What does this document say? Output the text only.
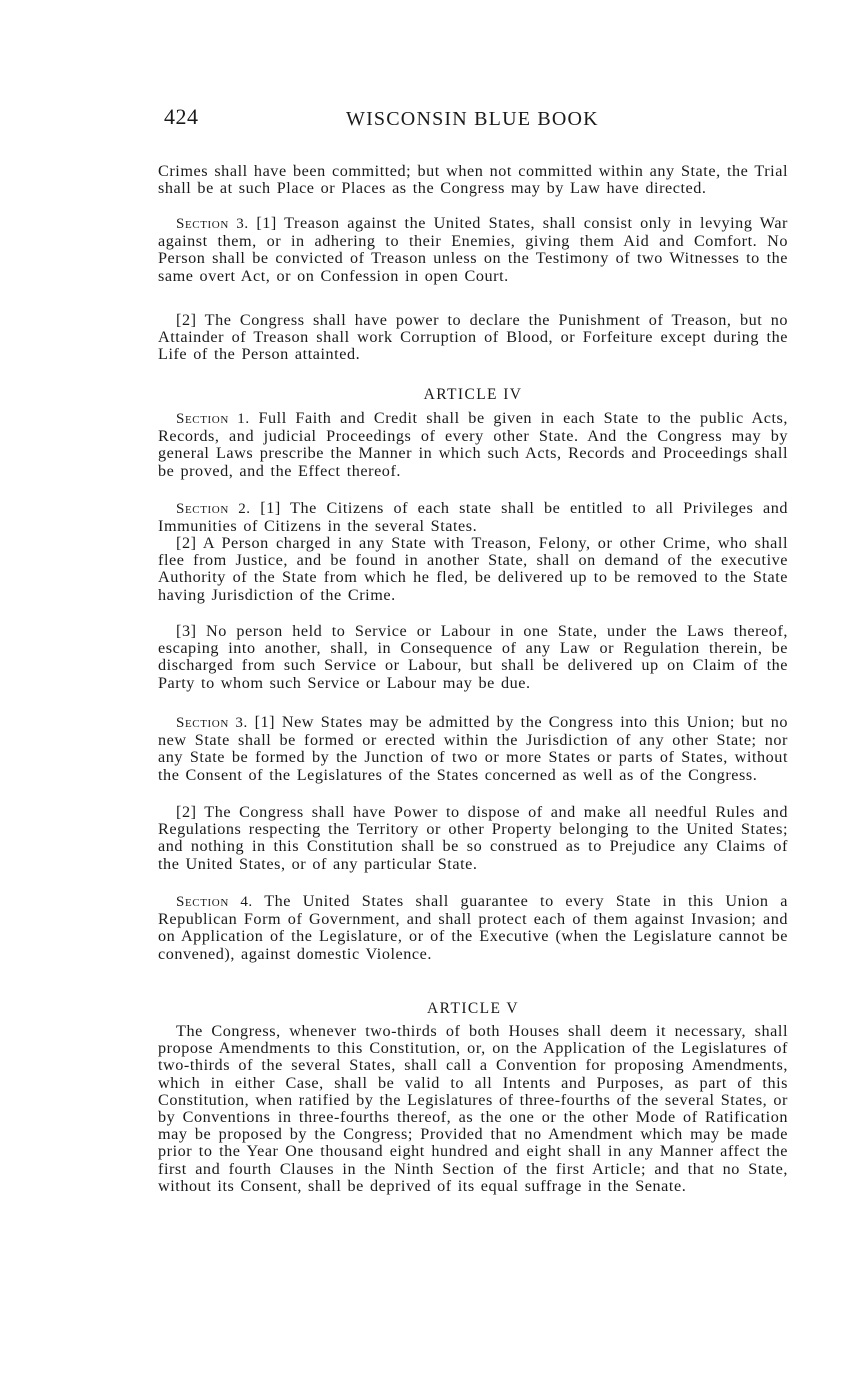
424	WISCONSIN BLUE BOOK

Crimes shall have been committed; but when not committed within any State, the Trial shall be at such Place or Places as the Congress may by Law have directed.

Section 3. [1] Treason against the United States, shall consist only in levying War against them, or in adhering to their Enemies, giving them Aid and Comfort. No Person shall be convicted of Treason unless on the Testimony of two Witnesses to the same overt Act, or on Confession in open Court.

[2] The Congress shall have power to declare the Punishment of Treason, but no Attainder of Treason shall work Corruption of Blood, or Forfeiture except during the Life of the Person attainted.

ARTICLE IV

Section 1. Full Faith and Credit shall be given in each State to the public Acts, Records, and judicial Proceedings of every other State. And the Congress may by general Laws prescribe the Manner in which such Acts, Records and Proceedings shall be proved, and the Effect thereof.

Section 2. [1] The Citizens of each state shall be entitled to all Privileges and Immunities of Citizens in the several States.

[2] A Person charged in any State with Treason, Felony, or other Crime, who shall flee from Justice, and be found in another State, shall on demand of the executive Authority of the State from which he fled, be delivered up to be removed to the State having Jurisdiction of the Crime.

[3] No person held to Service or Labour in one State, under the Laws thereof, escaping into another, shall, in Consequence of any Law or Regulation therein, be discharged from such Service or Labour, but shall be delivered up on Claim of the Party to whom such Service or Labour may be due.

Section 3. [1] New States may be admitted by the Congress into this Union; but no new State shall be formed or erected within the Jurisdiction of any other State; nor any State be formed by the Junction of two or more States or parts of States, without the Consent of the Legislatures of the States concerned as well as of the Congress.

[2] The Congress shall have Power to dispose of and make all needful Rules and Regulations respecting the Territory or other Property belonging to the United States; and nothing in this Constitution shall be so construed as to Prejudice any Claims of the United States, or of any particular State.

Section 4. The United States shall guarantee to every State in this Union a Republican Form of Government, and shall protect each of them against Invasion; and on Application of the Legislature, or of the Executive (when the Legislature cannot be convened), against domestic Violence.

ARTICLE V

The Congress, whenever two-thirds of both Houses shall deem it necessary, shall propose Amendments to this Constitution, or, on the Application of the Legislatures of two-thirds of the several States, shall call a Convention for proposing Amendments, which in either Case, shall be valid to all Intents and Purposes, as part of this Constitution, when ratified by the Legislatures of three-fourths of the several States, or by Conventions in three-fourths thereof, as the one or the other Mode of Ratification may be proposed by the Congress; Provided that no Amendment which may be made prior to the Year One thousand eight hundred and eight shall in any Manner affect the first and fourth Clauses in the Ninth Section of the first Article; and that no State, without its Consent, shall be deprived of its equal suffrage in the Senate.
